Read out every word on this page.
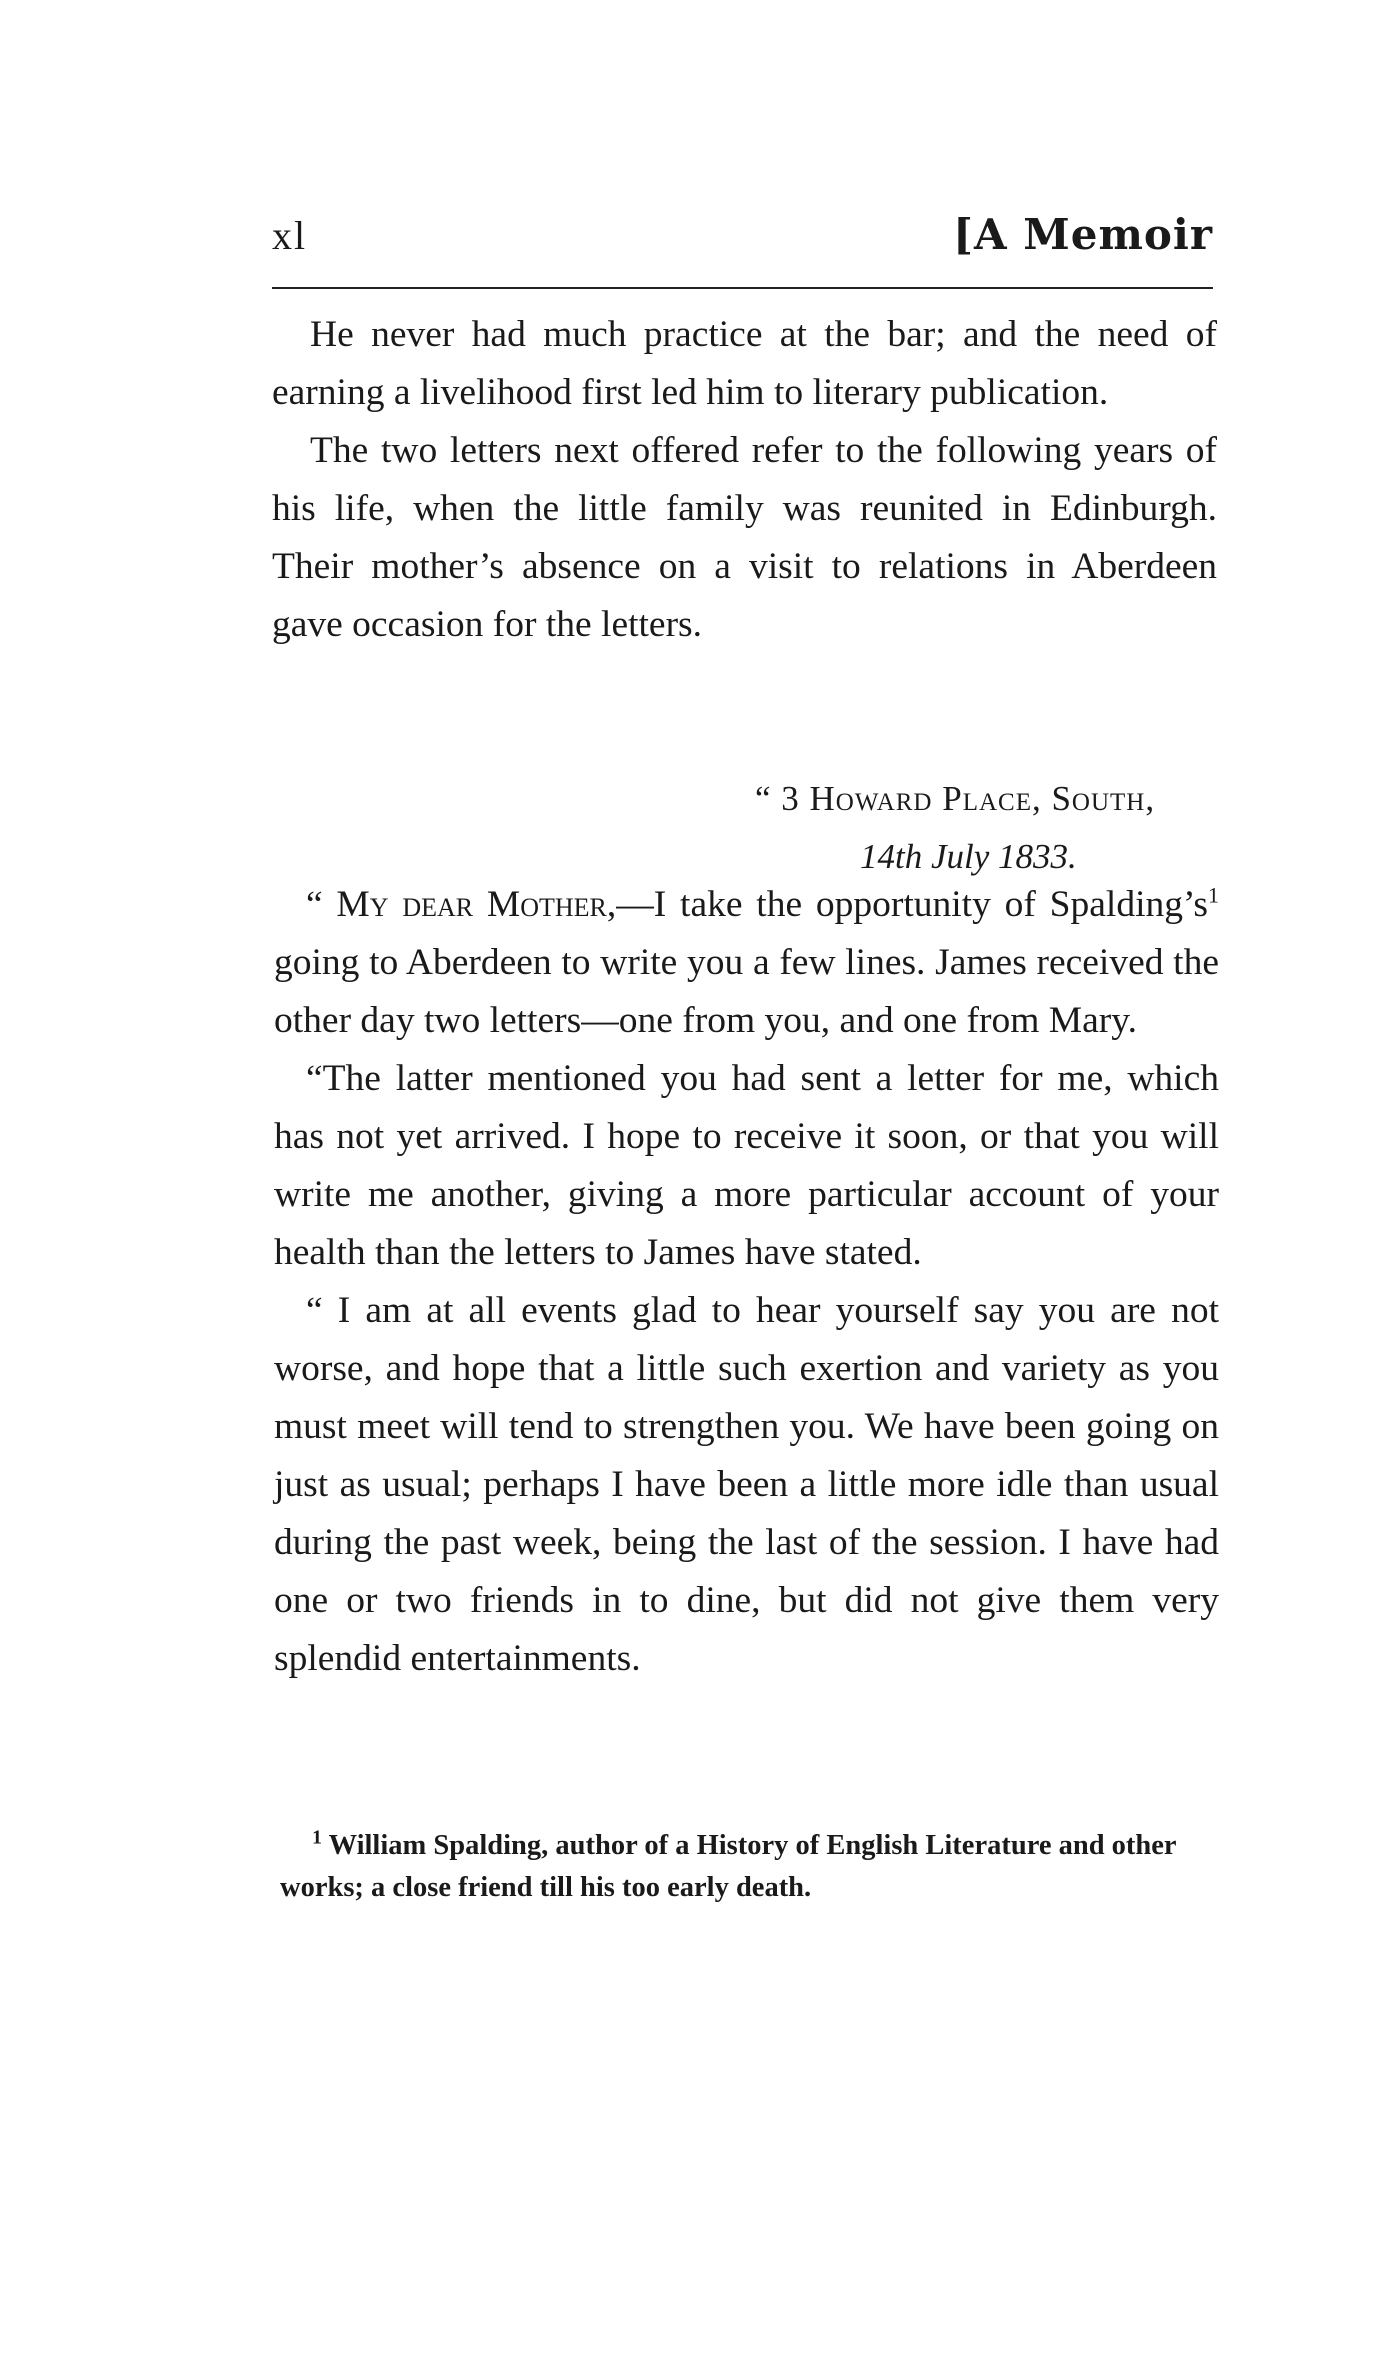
xl	[A Memoir

He never had much practice at the bar; and the need of earning a livelihood first led him to literary publication.

The two letters next offered refer to the following years of his life, when the little family was reunited in Edinburgh. Their mother’s absence on a visit to relations in Aberdeen gave occasion for the letters.

“ 3 Howard Place, South,
14th July 1833.

“ My dear Mother,—I take the opportunity of $Spalding’s^1$ going to Aberdeen to write you a few lines. James received the other day two letters—one from you, and one from Mary.

“The latter mentioned you had sent a letter for me, which has not yet arrived. I hope to receive it soon, or that you will write me another, giving a more particular account of your health than the letters to James have stated.

“ I am at all events glad to hear yourself say you are not worse, and hope that a little such exertion and variety as you must meet will tend to strengthen you. We have been going on just as usual; perhaps I have been a little more idle than usual during the past week, being the last of the session. I have had one or two friends in to dine, but did not give them very splendid entertainments.

$^1$ William Spalding, author of a History of English Literature and other works; a close friend till his too early death.
